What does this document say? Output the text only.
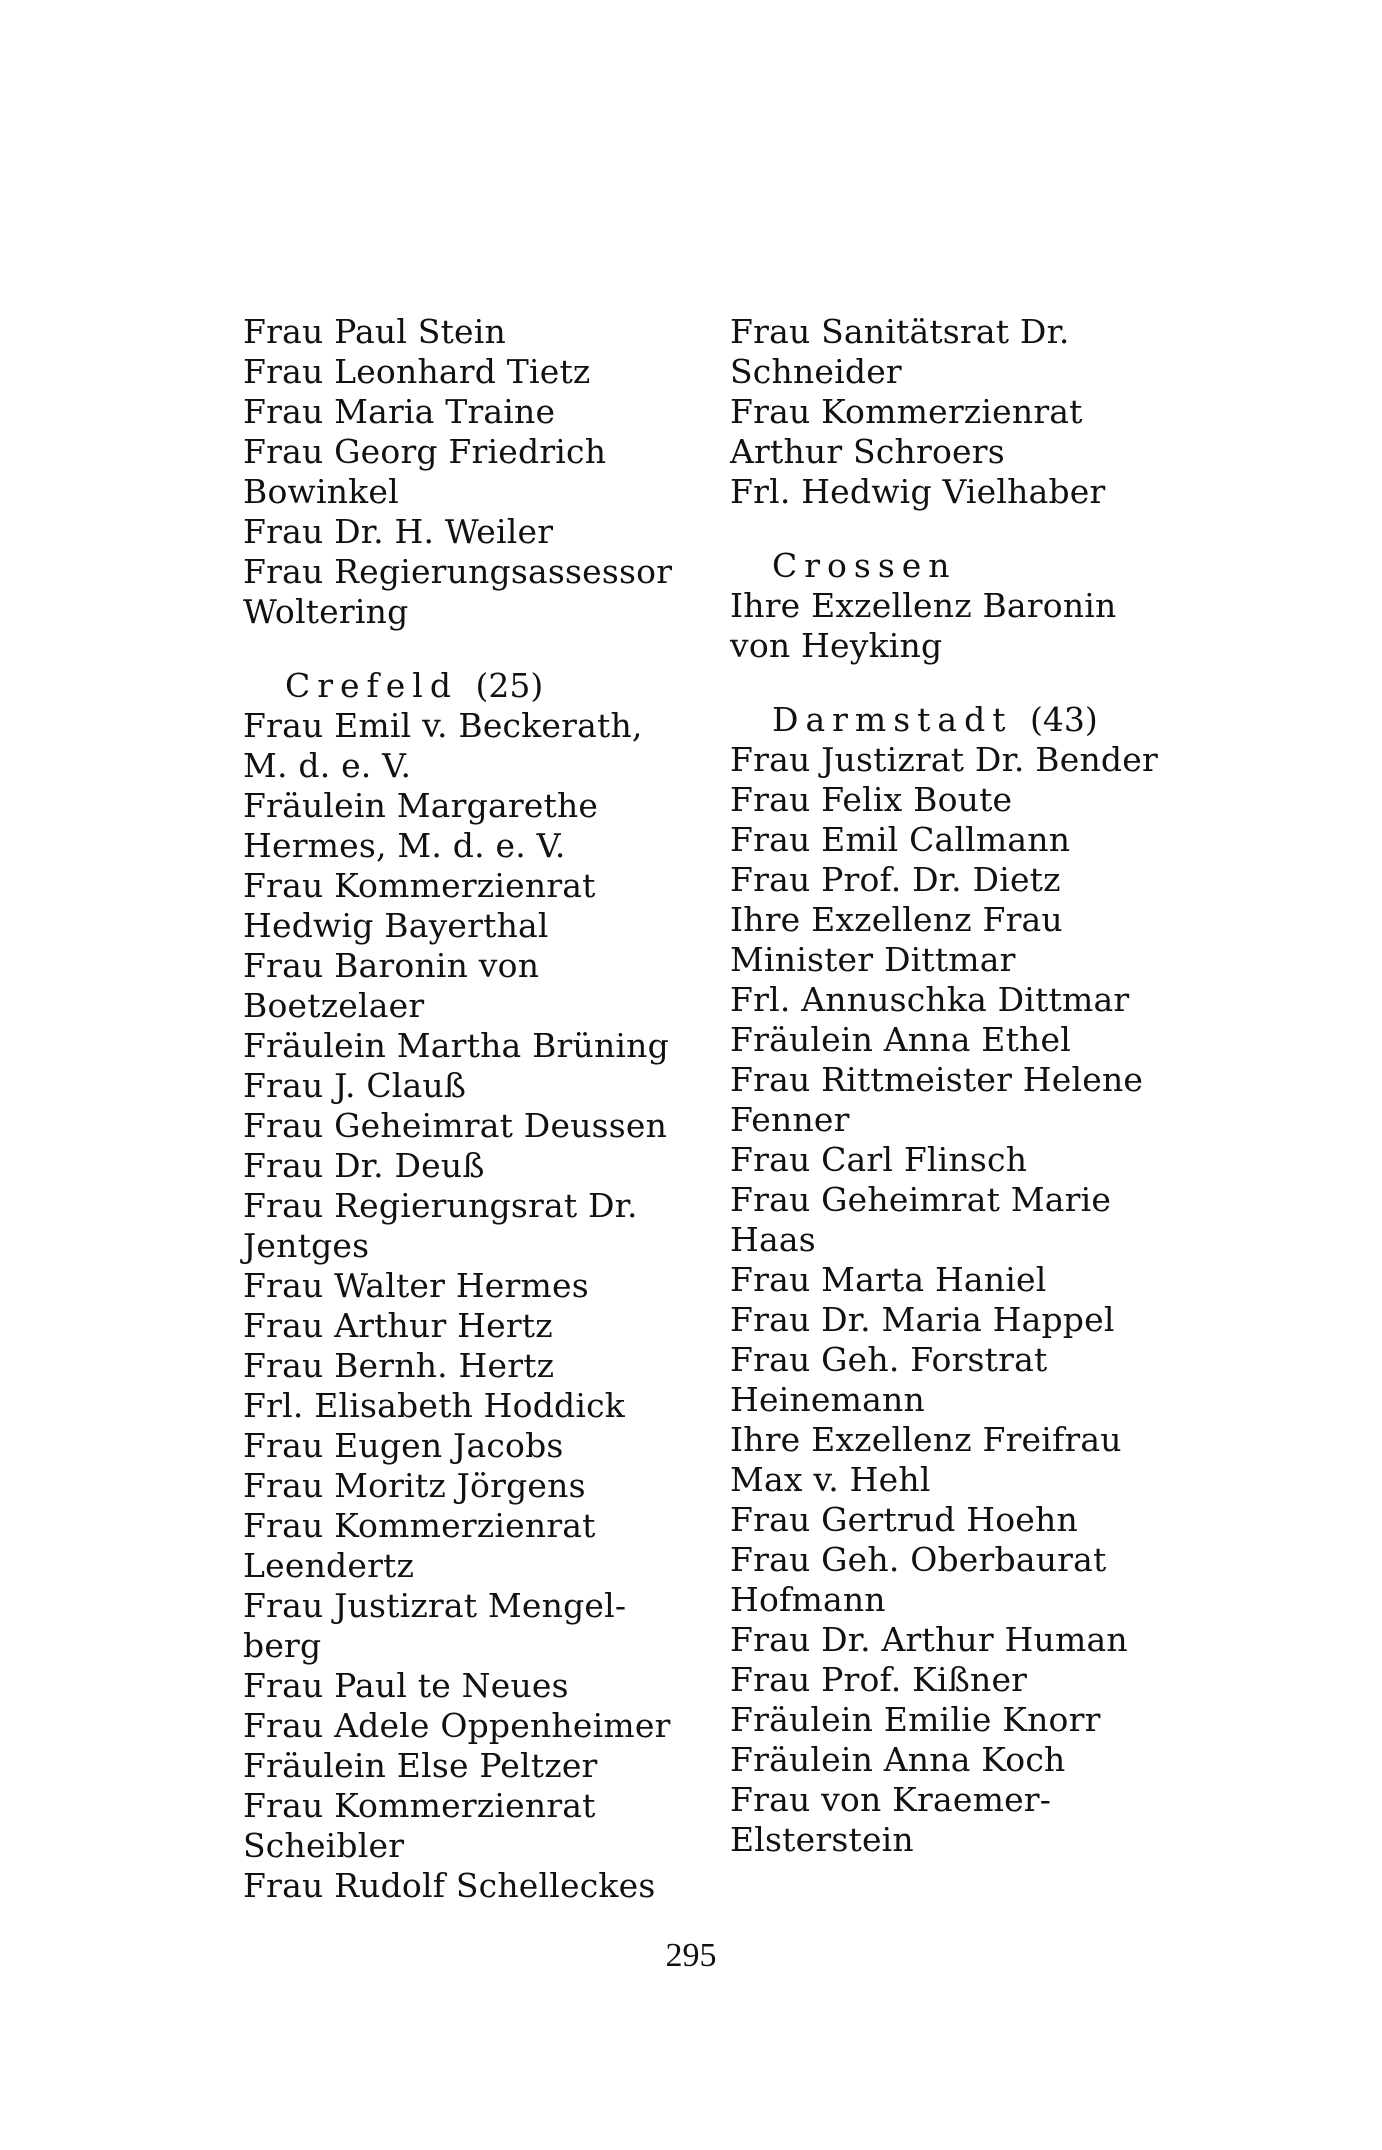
Frau Paul Stein
Frau Leonhard Tietz
Frau Maria Traine
Frau Georg Friedrich
Bowinkel
Frau Dr. H. Weiler
Frau Regierungsassessor
Woltering
Crefeld (25)
Frau Emil v. Beckerath,
M. d. e. V.
Fräulein Margarethe
Hermes, M. d. e. V.
Frau Kommerzienrat
Hedwig Bayerthal
Frau Baronin von
Boetzelaer
Fräulein Martha Brüning
Frau J. Clauß
Frau Geheimrat Deussen
Frau Dr. Deuß
Frau Regierungsrat Dr.
Jentges
Frau Walter Hermes
Frau Arthur Hertz
Frau Bernh. Hertz
Frl. Elisabeth Hoddick
Frau Eugen Jacobs
Frau Moritz Jörgens
Frau Kommerzienrat
Leendertz
Frau Justizrat Mengel-
berg
Frau Paul te Neues
Frau Adele Oppenheimer
Fräulein Else Peltzer
Frau Kommerzienrat
Scheibler
Frau Rudolf Schelleckes
Frau Sanitätsrat Dr.
Schneider
Frau Kommerzienrat
Arthur Schroers
Frl. Hedwig Vielhaber
Crossen
Ihre Exzellenz Baronin
von Heyking
Darmstadt (43)
Frau Justizrat Dr. Bender
Frau Felix Boute
Frau Emil Callmann
Frau Prof. Dr. Dietz
Ihre Exzellenz Frau
Minister Dittmar
Frl. Annuschka Dittmar
Fräulein Anna Ethel
Frau Rittmeister Helene
Fenner
Frau Carl Flinsch
Frau Geheimrat Marie
Haas
Frau Marta Haniel
Frau Dr. Maria Happel
Frau Geh. Forstrat
Heinemann
Ihre Exzellenz Freifrau
Max v. Hehl
Frau Gertrud Hoehn
Frau Geh. Oberbaurat
Hofmann
Frau Dr. Arthur Human
Frau Prof. Kißner
Fräulein Emilie Knorr
Fräulein Anna Koch
Frau von Kraemer-
Elsterstein
295
